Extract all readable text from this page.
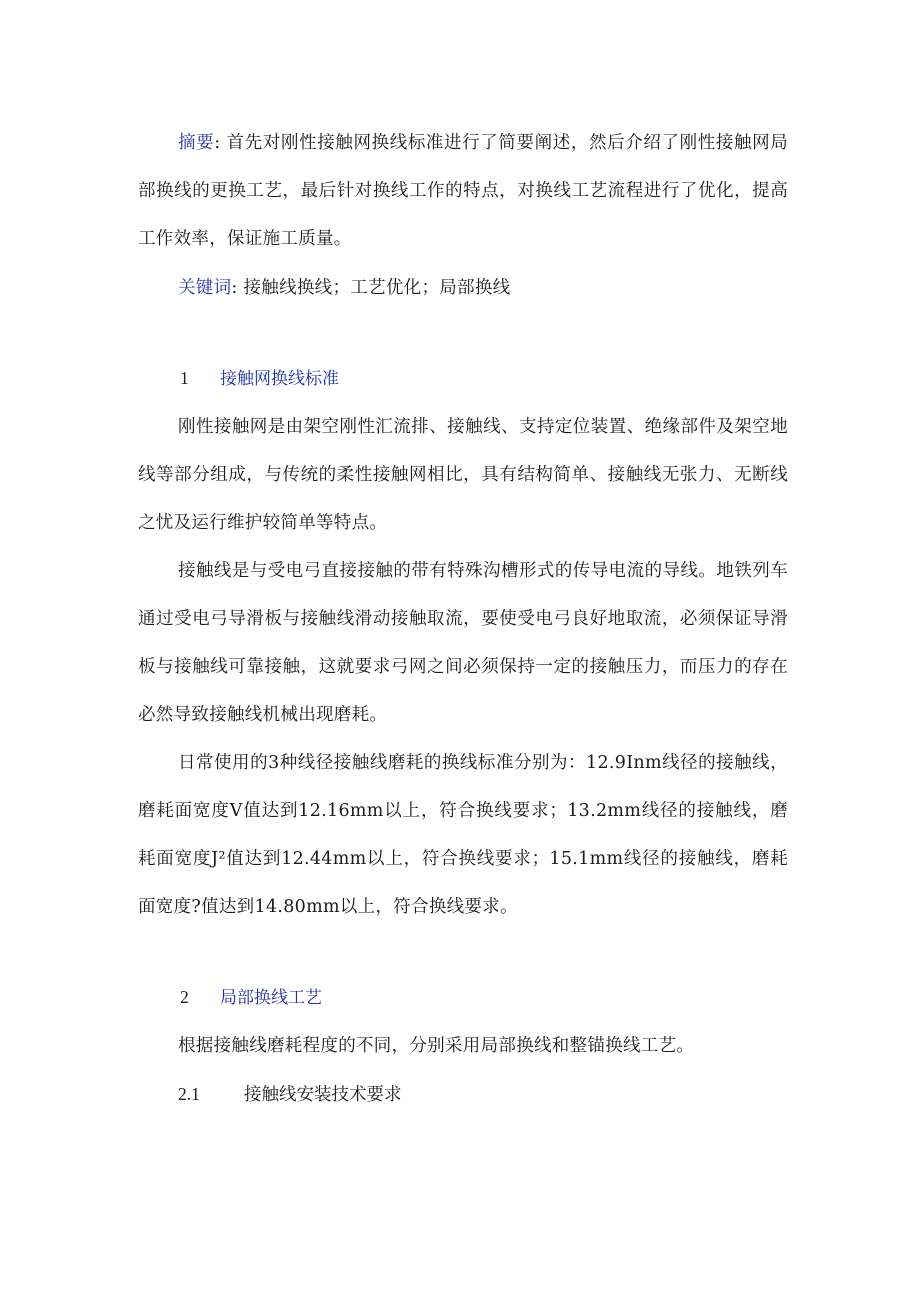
摘要: 首先对刚性接触网换线标准进行了简要阐述，然后介绍了刚性接触网局部换线的更换工艺，最后针对换线工作的特点，对换线工艺流程进行了优化，提高工作效率，保证施工质量。

关键词: 接触线换线；工艺优化；局部换线

1 接触网换线标准

刚性接触网是由架空刚性汇流排、接触线、支持定位装置、绝缘部件及架空地线等部分组成，与传统的柔性接触网相比，具有结构简单、接触线无张力、无断线之忧及运行维护较简单等特点。

接触线是与受电弓直接接触的带有特殊沟槽形式的传导电流的导线。地铁列车通过受电弓导滑板与接触线滑动接触取流，要使受电弓良好地取流，必须保证导滑板与接触线可靠接触，这就要求弓网之间必须保持一定的接触压力，而压力的存在必然导致接触线机械出现磨耗。

日常使用的3种线径接触线磨耗的换线标准分别为：12.9Inm线径的接触线，磨耗面宽度V值达到12.16mm以上，符合换线要求；13.2mm线径的接触线，磨耗面宽度J²值达到12.44mm以上，符合换线要求；15.1mm线径的接触线，磨耗面宽度?值达到14.80mm以上，符合换线要求。

2 局部换线工艺

根据接触线磨耗程度的不同，分别采用局部换线和整锚换线工艺。

2.1	接触线安装技术要求
